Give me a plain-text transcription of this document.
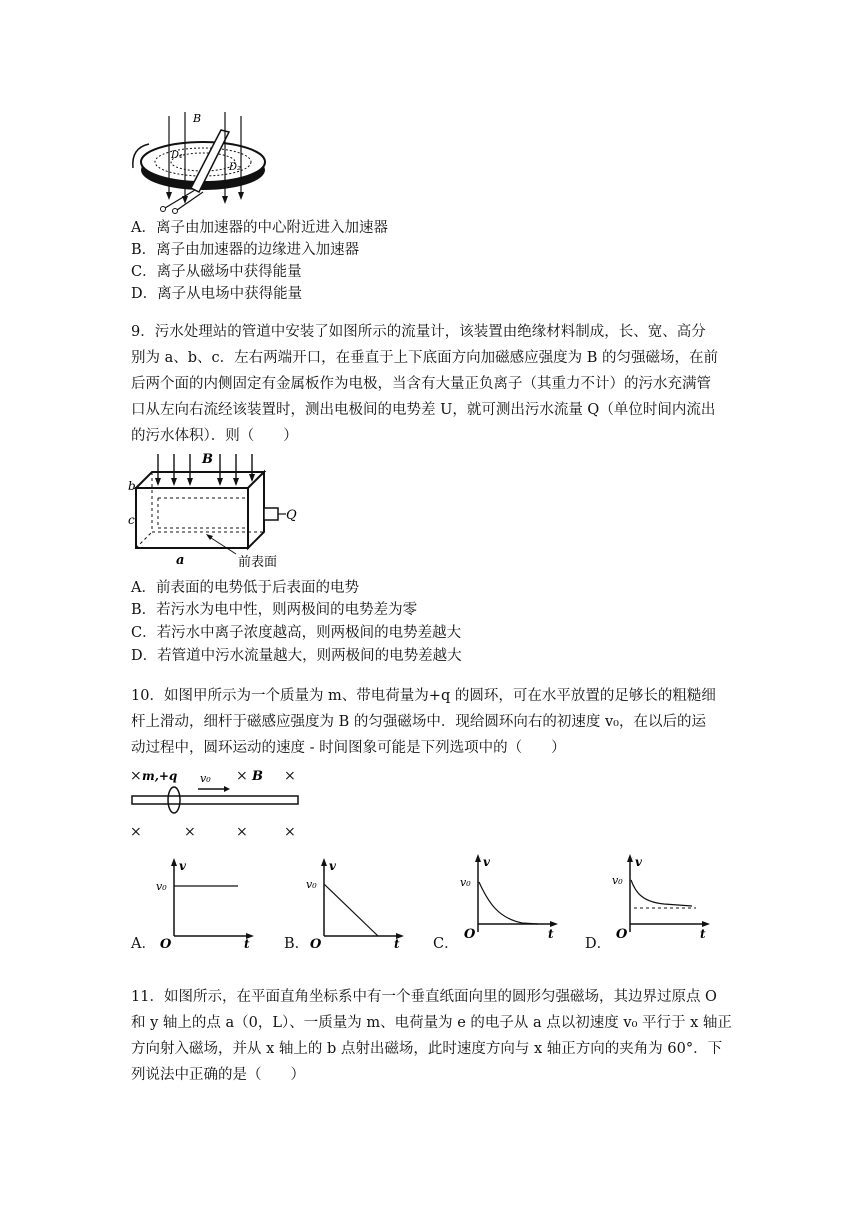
B
D₁
D₂
A．离子由加速器的中心附近进入加速器
B．离子由加速器的边缘进入加速器
C．离子从磁场中获得能量
D．离子从电场中获得能量
9．污水处理站的管道中安装了如图所示的流量计，该装置由绝缘材料制成，长、宽、高分
别为 a、b、c．左右两端开口，在垂直于上下底面方向加磁感应强度为 B 的匀强磁场，在前
后两个面的内侧固定有金属板作为电极，当含有大量正负离子（其重力不计）的污水充满管
口从左向右流经该装置时，测出电极间的电势差 U，就可测出污水流量 Q（单位时间内流出
的污水体积）．则（　　）
B
b
c
a
Q
前表面
A．前表面的电势低于后表面的电势
B．若污水为电中性，则两极间的电势差为零
C．若污水中离子浓度越高，则两极间的电势差越大
D．若管道中污水流量越大，则两极间的电势差越大
10．如图甲所示为一个质量为 m、带电荷量为+q 的圆环，可在水平放置的足够长的粗糙细
杆上滑动，细杆于磁感应强度为 B 的匀强磁场中．现给圆环向右的初速度 v₀，在以后的运
动过程中，圆环运动的速度 - 时间图象可能是下列选项中的（　　）
×	×	×
×	×	×	×
m,+q v₀	B
A．
v
v₀
O	t B．
v
v₀
O	t C．
v
v₀
O	t
D．
v
v₀
O	t
11．如图所示，在平面直角坐标系中有一个垂直纸面向里的圆形匀强磁场，其边界过原点 O
和 y 轴上的点 a（0，L）、一质量为 m、电荷量为 e 的电子从 a 点以初速度 v₀ 平行于 x 轴正
方向射入磁场，并从 x 轴上的 b 点射出磁场，此时速度方向与 x 轴正方向的夹角为 60°．下
列说法中正确的是（　　）
